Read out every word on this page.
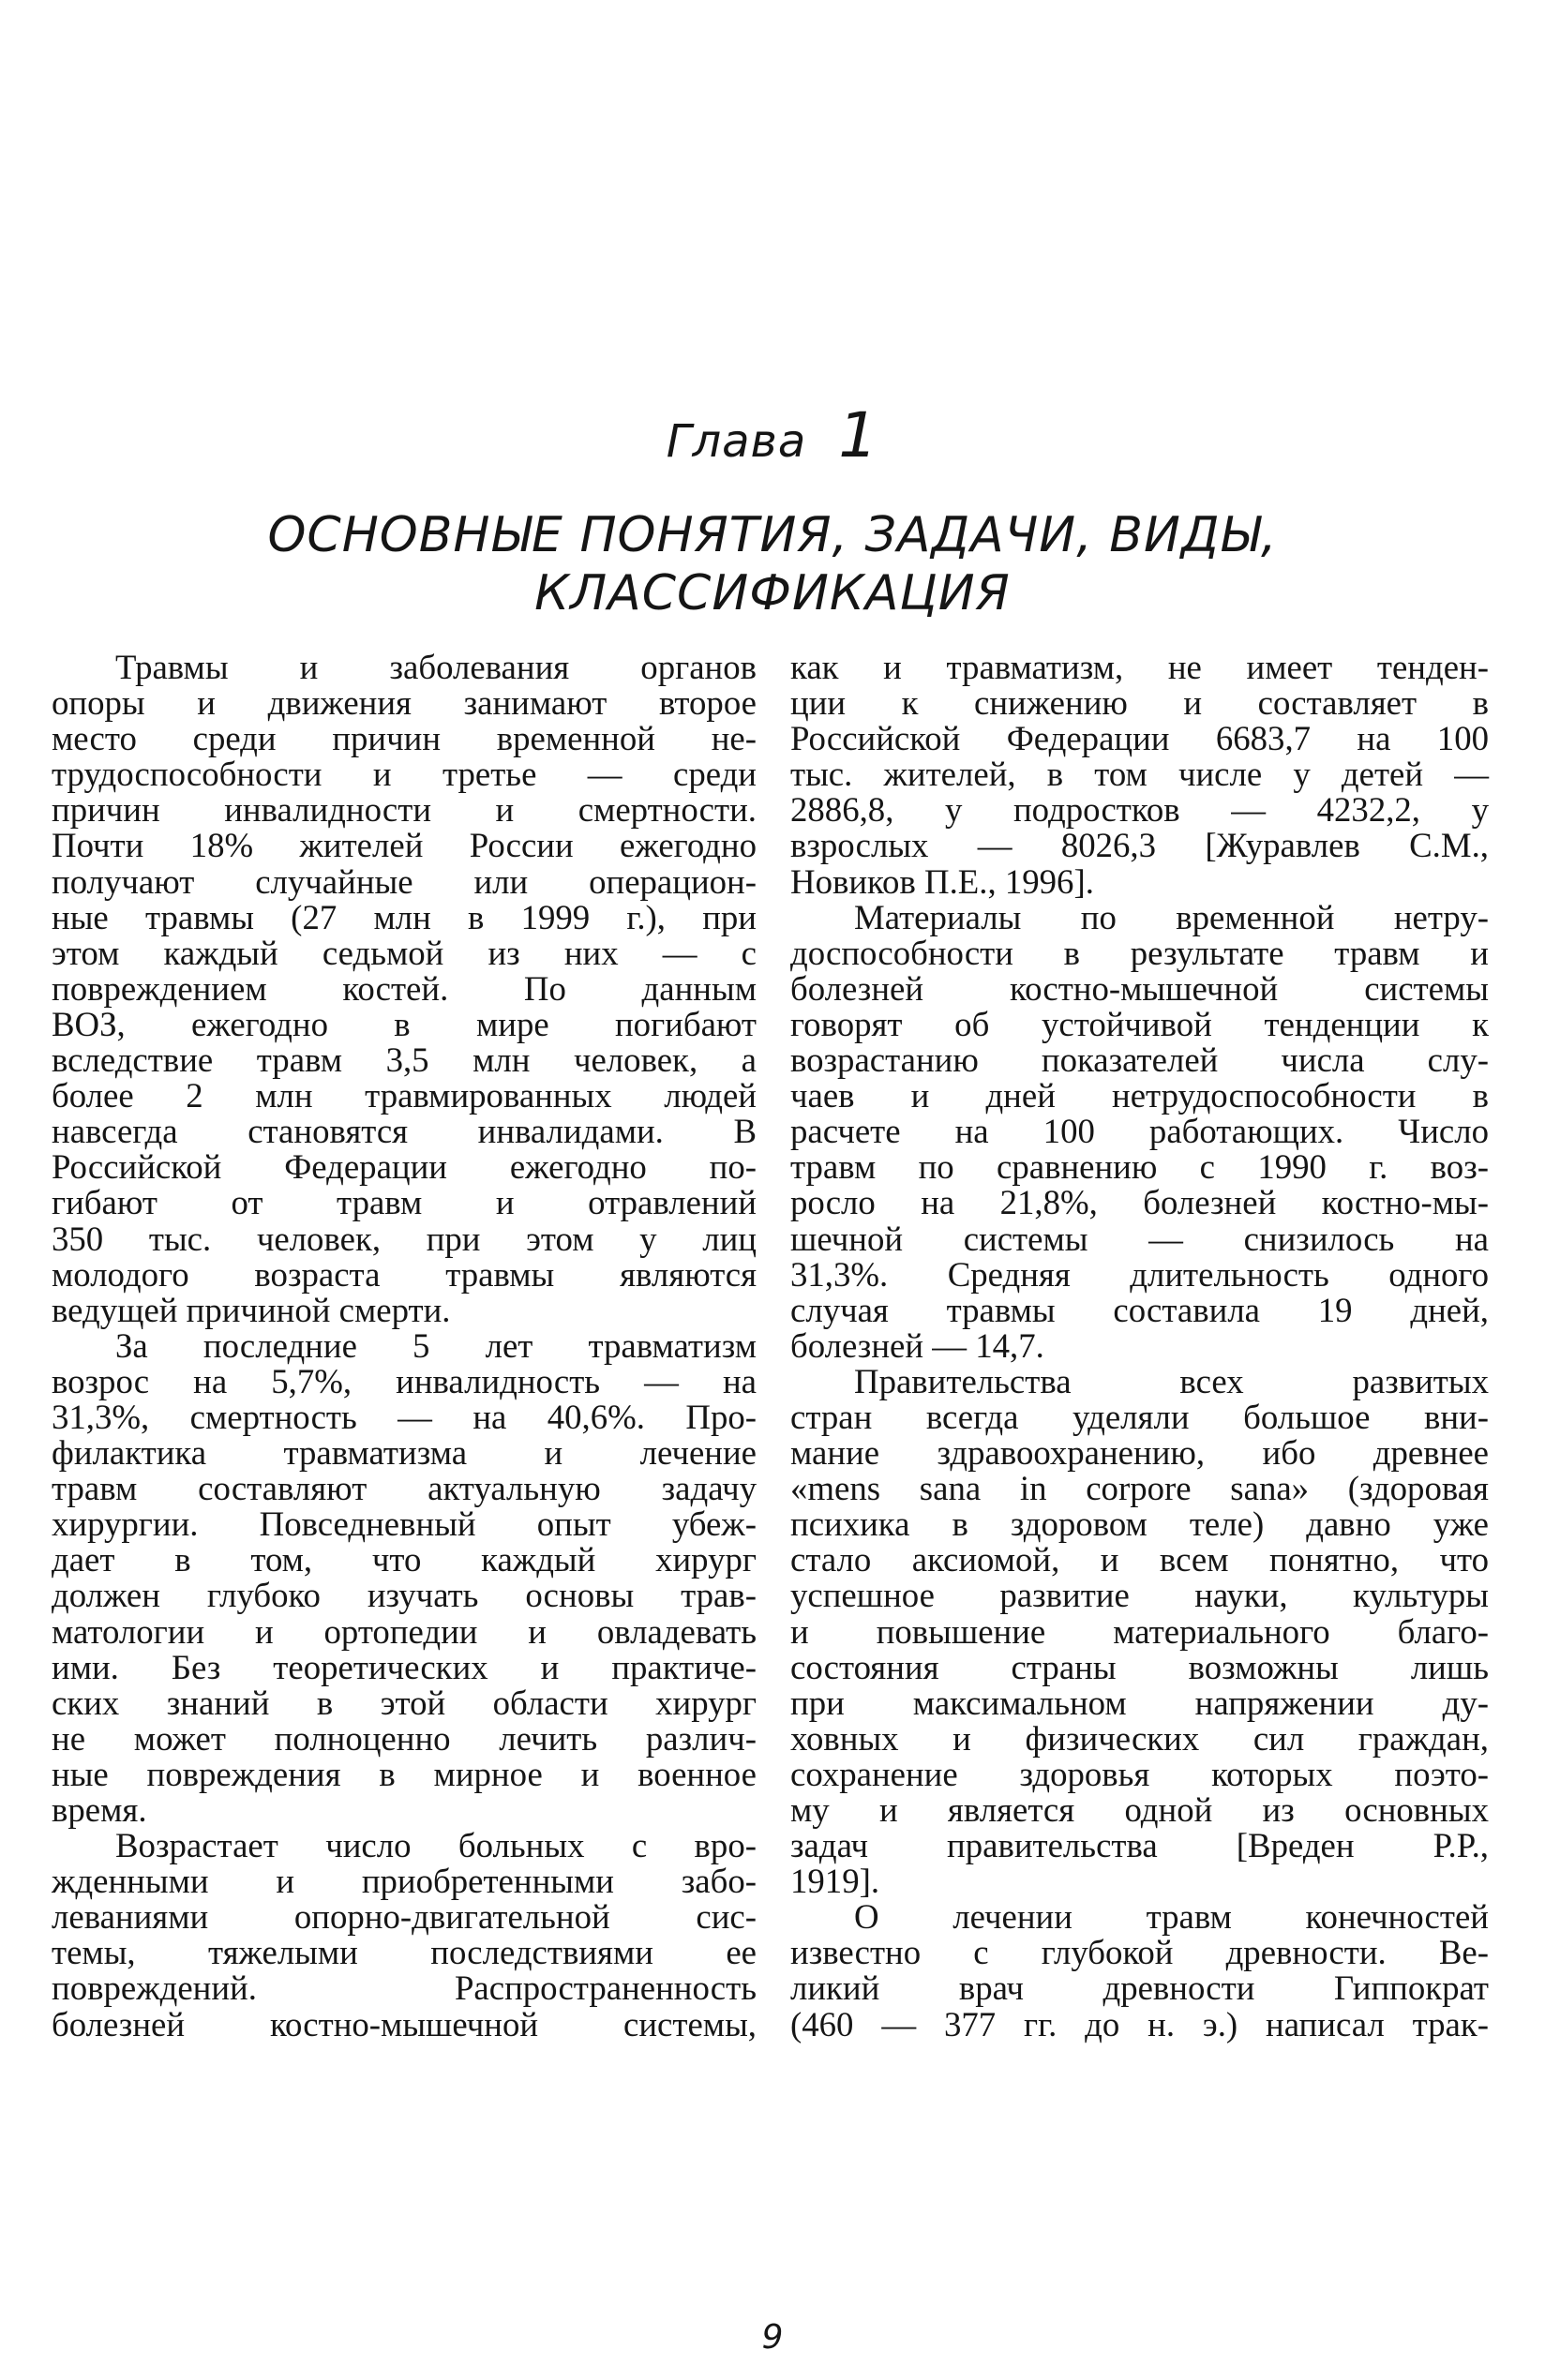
Глава 1
ОСНОВНЫЕ ПОНЯТИЯ, ЗАДАЧИ, ВИДЫ,
КЛАССИФИКАЦИЯ
Травмы и заболевания органов
опоры и движения занимают второе
место среди причин временной не-
трудоспособности и третье — среди
причин инвалидности и смертности.
Почти 18% жителей России ежегодно
получают случайные или операцион-
ные травмы (27 млн в 1999 г.), при
этом каждый седьмой из них — с
повреждением костей. По данным
ВОЗ, ежегодно в мире погибают
вследствие травм 3,5 млн человек, а
более 2 млн травмированных людей
навсегда становятся инвалидами. В
Российской Федерации ежегодно по-
гибают от травм и отравлений
350 тыс. человек, при этом у лиц
молодого возраста травмы являются
ведущей причиной смерти.
За последние 5 лет травматизм
возрос на 5,7%, инвалидность — на
31,3%, смертность — на 40,6%. Про-
филактика травматизма и лечение
травм составляют актуальную задачу
хирургии. Повседневный опыт убеж-
дает в том, что каждый хирург
должен глубоко изучать основы трав-
матологии и ортопедии и овладевать
ими. Без теоретических и практиче-
ских знаний в этой области хирург
не может полноценно лечить различ-
ные повреждения в мирное и военное
время.
Возрастает число больных с вро-
жденными и приобретенными забо-
леваниями опорно-двигательной сис-
темы, тяжелыми последствиями ее
повреждений. Распространенность
болезней костно-мышечной системы,
как и травматизм, не имеет тенден-
ции к снижению и составляет в
Российской Федерации 6683,7 на 100
тыс. жителей, в том числе у детей —
2886,8, у подростков — 4232,2, у
взрослых — 8026,3 [Журавлев С.М.,
Новиков П.Е., 1996].
Материалы по временной нетру-
доспособности в результате травм и
болезней костно-мышечной системы
говорят об устойчивой тенденции к
возрастанию показателей числа слу-
чаев и дней нетрудоспособности в
расчете на 100 работающих. Число
травм по сравнению с 1990 г. воз-
росло на 21,8%, болезней костно-мы-
шечной системы — снизилось на
31,3%. Средняя длительность одного
случая травмы составила 19 дней,
болезней — 14,7.
Правительства всех развитых
стран всегда уделяли большое вни-
мание здравоохранению, ибо древнее
«mens sana in corpore sana» (здоровая
психика в здоровом теле) давно уже
стало аксиомой, и всем понятно, что
успешное развитие науки, культуры
и повышение материального благо-
состояния страны возможны лишь
при максимальном напряжении ду-
ховных и физических сил граждан,
сохранение здоровья которых поэто-
му и является одной из основных
задач правительства [Вреден Р.Р.,
1919].
О лечении травм конечностей
известно с глубокой древности. Ве-
ликий врач древности Гиппократ
(460 — 377 гг. до н. э.) написал трак-
9
